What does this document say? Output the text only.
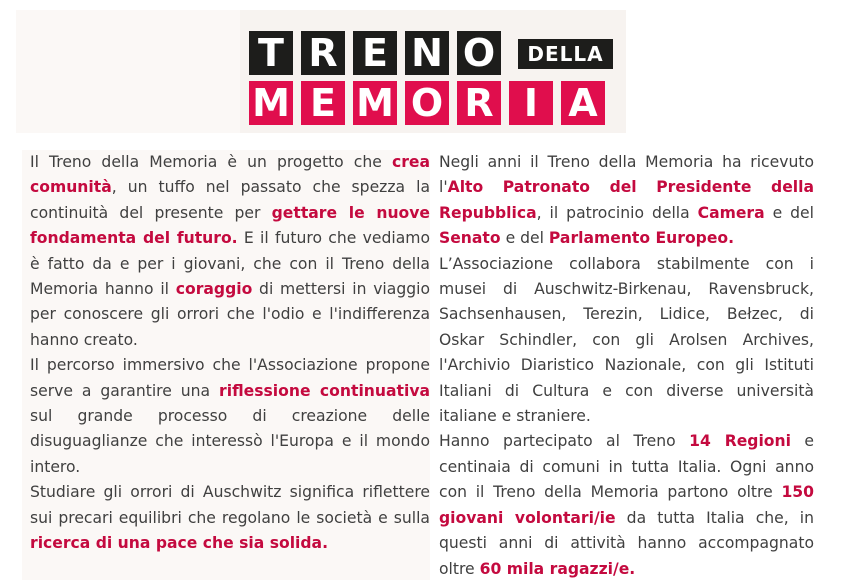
T R E N O	DELLA
M E M O R I A

Il Treno della Memoria è un progetto che crea comunità, un tuffo nel passato che spezza la continuità del presente per gettare le nuove fondamenta del futuro. E il futuro che vediamo è fatto da e per i giovani, che con il Treno della Memoria hanno il coraggio di mettersi in viaggio per conoscere gli orrori che l'odio e l'indifferenza hanno creato.

Il percorso immersivo che l'Associazione propone serve a garantire una riflessione continuativa sul grande processo di creazione delle disuguaglianze che interessò l'Europa e il mondo intero.

Studiare gli orrori di Auschwitz significa riflettere sui precari equilibri che regolano le società e sulla ricerca di una pace che sia solida.

Negli anni il Treno della Memoria ha ricevuto l'Alto Patronato del Presidente della Repubblica, il patrocinio della Camera e del Senato e del Parlamento Europeo.

L’Associazione collabora stabilmente con i musei di Auschwitz-Birkenau, Ravensbruck, Sachsenhausen, Terezin, Lidice, Bełzec, di Oskar Schindler, con gli Arolsen Archives, l'Archivio Diaristico Nazionale, con gli Istituti Italiani di Cultura e con diverse università italiane e straniere.

Hanno partecipato al Treno 14 Regioni e centinaia di comuni in tutta Italia. Ogni anno con il Treno della Memoria partono oltre 150 giovani volontari/ie da tutta Italia che, in questi anni di attività hanno accompagnato oltre 60 mila ragazzi/e.
